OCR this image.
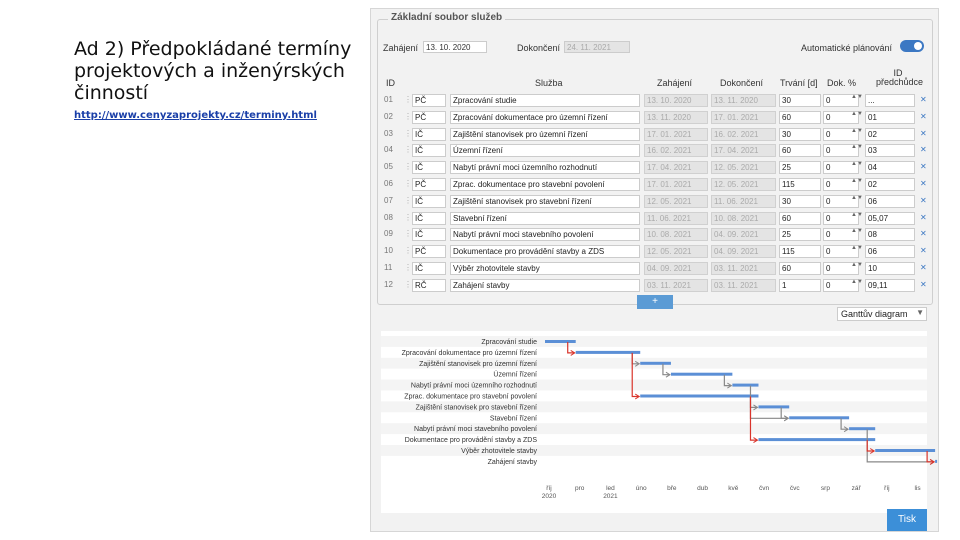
Ad 2) Předpokládané termíny projektových a inženýrských činností
http://www.cenyzaprojekty.cz/terminy.html
Základní soubor služeb
Zahájení 13. 10. 2020	Dokončení 24. 11. 2021	Automatické plánování
ID	Služba	Zahájení	Dokončení Trvání [d] Dok. %
ID předchůdce
01	⋮ PČ	Zpracování studie	13. 10. 2020	13. 11. 2020	30	0	▲▼ ...	✕
02	⋮ PČ	Zpracování dokumentace pro územní řízení	13. 11. 2020	17. 01. 2021	60	0	▲▼ 01	✕
03	⋮ IČ	Zajištění stanovisek pro územní řízení	17. 01. 2021	16. 02. 2021	30	0	▲▼ 02	✕
04	⋮ IČ	Územní řízení	16. 02. 2021	17. 04. 2021	60	0	▲▼ 03	✕
05	⋮ IČ	Nabytí právní moci územního rozhodnutí	17. 04. 2021	12. 05. 2021	25	0	▲▼ 04	✕
06	⋮ PČ	Zprac. dokumentace pro stavební povolení	17. 01. 2021	12. 05. 2021	115	0	▲▼ 02	✕
07	⋮ IČ	Zajištění stanovisek pro stavební řízení	12. 05. 2021	11. 06. 2021	30	0	▲▼ 06	✕
08	⋮ IČ	Stavební řízení	11. 06. 2021	10. 08. 2021	60	0	▲▼ 05,07	✕
09	⋮ IČ	Nabytí právní moci stavebního povolení	10. 08. 2021	04. 09. 2021	25	0	▲▼ 08	✕
10	⋮ PČ	Dokumentace pro provádění stavby a ZDS	12. 05. 2021	04. 09. 2021	115	0	▲▼ 06	✕
11	⋮ IČ	Výběr zhotovitele stavby	04. 09. 2021	03. 11. 2021	60	0	▲▼ 10	✕
12	⋮ RČ	Zahájení stavby	03. 11. 2021	03. 11. 2021	1	0	▲▼ 09,11	✕
+
Ganttův diagram ▼
Zpracování studie
Zpracování dokumentace pro územní řízení
Zajištění stanovisek pro územní řízení
Územní řízení
Nabytí právní moci územního rozhodnutí
Zprac. dokumentace pro stavební povolení
Zajištění stanovisek pro stavební řízení
Stavební řízení
Nabytí právní moci stavebního povolení
Dokumentace pro provádění stavby a ZDS
Výběr zhotovitele stavby
Zahájení stavby
říj 2020
pro	led 2021
úno	bře	dub	kvě	čvn	čvc	srp	zář	říj	lis
Tisk
